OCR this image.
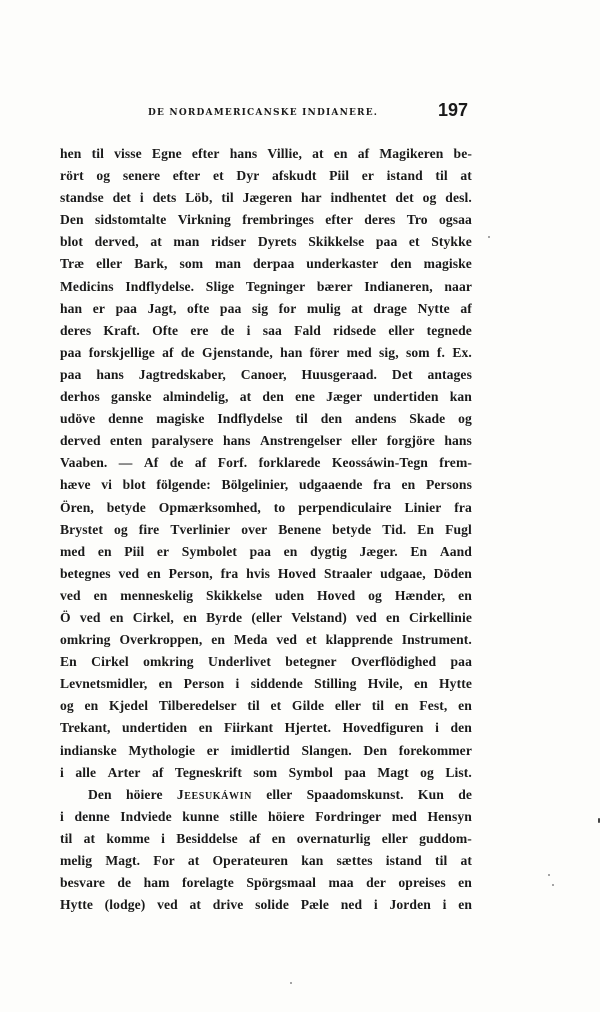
DE NORDAMERICANSKE INDIANERE.	197
hen til visse Egne efter hans Villie, at en af Magikeren be-
rört og senere efter et Dyr afskudt Piil er istand til at
standse det i dets Löb, til Jægeren har indhentet det og desl.
Den sidstomtalte Virkning frembringes efter deres Tro ogsaa
blot derved, at man ridser Dyrets Skikkelse paa et Stykke
Træ eller Bark, som man derpaa underkaster den magiske
Medicins Indflydelse. Slige Tegninger bærer Indianeren, naar
han er paa Jagt, ofte paa sig for mulig at drage Nytte af
deres Kraft. Ofte ere de i saa Fald ridsede eller tegnede
paa forskjellige af de Gjenstande, han förer med sig, som f. Ex.
paa hans Jagtredskaber, Canoer, Huusgeraad. Det antages
derhos ganske almindelig, at den ene Jæger undertiden kan
udöve denne magiske Indflydelse til den andens Skade og
derved enten paralysere hans Anstrengelser eller forgjöre hans
Vaaben. — Af de af Forf. forklarede Keossáwin-Tegn frem-
hæve vi blot fölgende: Bölgelinier, udgaaende fra en Persons
Ören, betyde Opmærksomhed, to perpendiculaire Linier fra
Brystet og fire Tverlinier over Benene betyde Tid. En Fugl
med en Piil er Symbolet paa en dygtig Jæger. En Aand
betegnes ved en Person, fra hvis Hoved Straaler udgaae, Döden
ved en menneskelig Skikkelse uden Hoved og Hænder, en
Ö ved en Cirkel, en Byrde (eller Velstand) ved en Cirkellinie
omkring Overkroppen, en Meda ved et klapprende Instrument.
En Cirkel omkring Underlivet betegner Overflödighed paa
Levnetsmidler, en Person i siddende Stilling Hvile, en Hytte
og en Kjedel Tilberedelser til et Gilde eller til en Fest, en
Trekant, undertiden en Fiirkant Hjertet. Hovedfiguren i den
indianske Mythologie er imidlertid Slangen. Den forekommer
i alle Arter af Tegneskrift som Symbol paa Magt og List.
Den höiere Jeesukáwin eller Spaadomskunst. Kun de
i denne Indviede kunne stille höiere Fordringer med Hensyn
til at komme i Besiddelse af en overnaturlig eller guddom-
melig Magt. For at Operateuren kan sættes istand til at
besvare de ham forelagte Spörgsmaal maa der opreises en
Hytte (lodge) ved at drive solide Pæle ned i Jorden i en
